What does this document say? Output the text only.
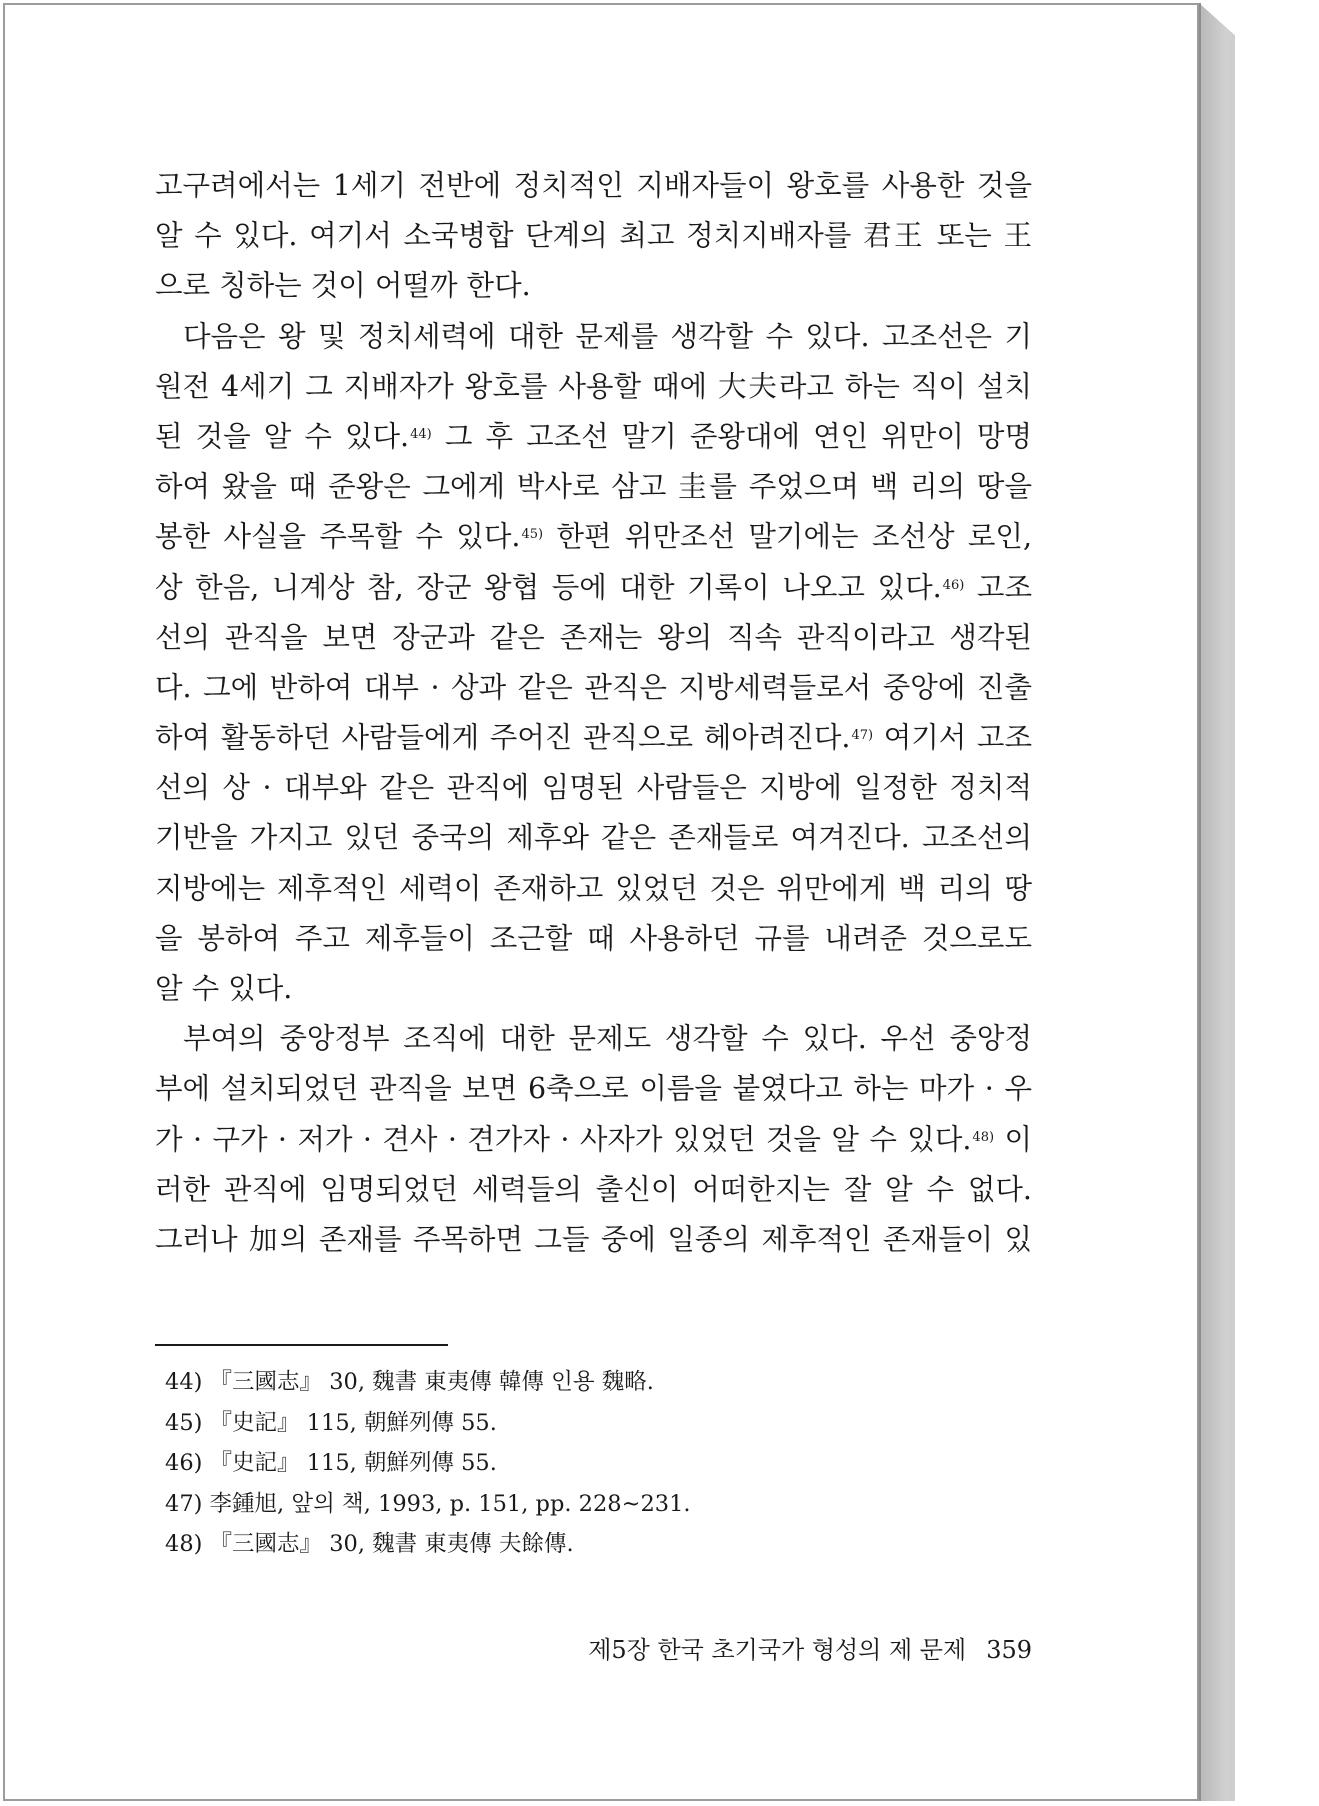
고구려에서는 1세기 전반에 정치적인 지배자들이 왕호를 사용한 것을
알 수 있다. 여기서 소국병합 단계의 최고 정치지배자를 君王 또는 王
으로 칭하는 것이 어떨까 한다.
다음은 왕 및 정치세력에 대한 문제를 생각할 수 있다. 고조선은 기
원전 4세기 그 지배자가 왕호를 사용할 때에 大夫라고 하는 직이 설치
된 것을 알 수 있다.$^{44)}$ 그 후 고조선 말기 준왕대에 연인 위만이 망명
하여 왔을 때 준왕은 그에게 박사로 삼고 圭를 주었으며 백 리의 땅을
봉한 사실을 주목할 수 있다.$^{45)}$ 한편 위만조선 말기에는 조선상 로인,
상 한음, 니계상 참, 장군 왕협 등에 대한 기록이 나오고 있다.$^{46)}$ 고조
선의 관직을 보면 장군과 같은 존재는 왕의 직속 관직이라고 생각된
다. 그에 반하여 대부 · 상과 같은 관직은 지방세력들로서 중앙에 진출
하여 활동하던 사람들에게 주어진 관직으로 헤아려진다.$^{47)}$ 여기서 고조
선의 상 · 대부와 같은 관직에 임명된 사람들은 지방에 일정한 정치적
기반을 가지고 있던 중국의 제후와 같은 존재들로 여겨진다. 고조선의
지방에는 제후적인 세력이 존재하고 있었던 것은 위만에게 백 리의 땅
을 봉하여 주고 제후들이 조근할 때 사용하던 규를 내려준 것으로도
알 수 있다.
부여의 중앙정부 조직에 대한 문제도 생각할 수 있다. 우선 중앙정
부에 설치되었던 관직을 보면 6축으로 이름을 붙였다고 하는 마가 · 우
가 · 구가 · 저가 · 견사 · 견가자 · 사자가 있었던 것을 알 수 있다.$^{48)}$ 이
러한 관직에 임명되었던 세력들의 출신이 어떠한지는 잘 알 수 없다.
그러나 加의 존재를 주목하면 그들 중에 일종의 제후적인 존재들이 있
44) 『三國志』 30, 魏書 東夷傳 韓傳 인용 魏略.
45) 『史記』 115, 朝鮮列傳 55.
46) 『史記』 115, 朝鮮列傳 55.
47) 李鍾旭, 앞의 책, 1993, p. 151, pp. 228~231.
48) 『三國志』 30, 魏書 東夷傳 夫餘傳.
제5장 한국 초기국가 형성의 제 문제 359
